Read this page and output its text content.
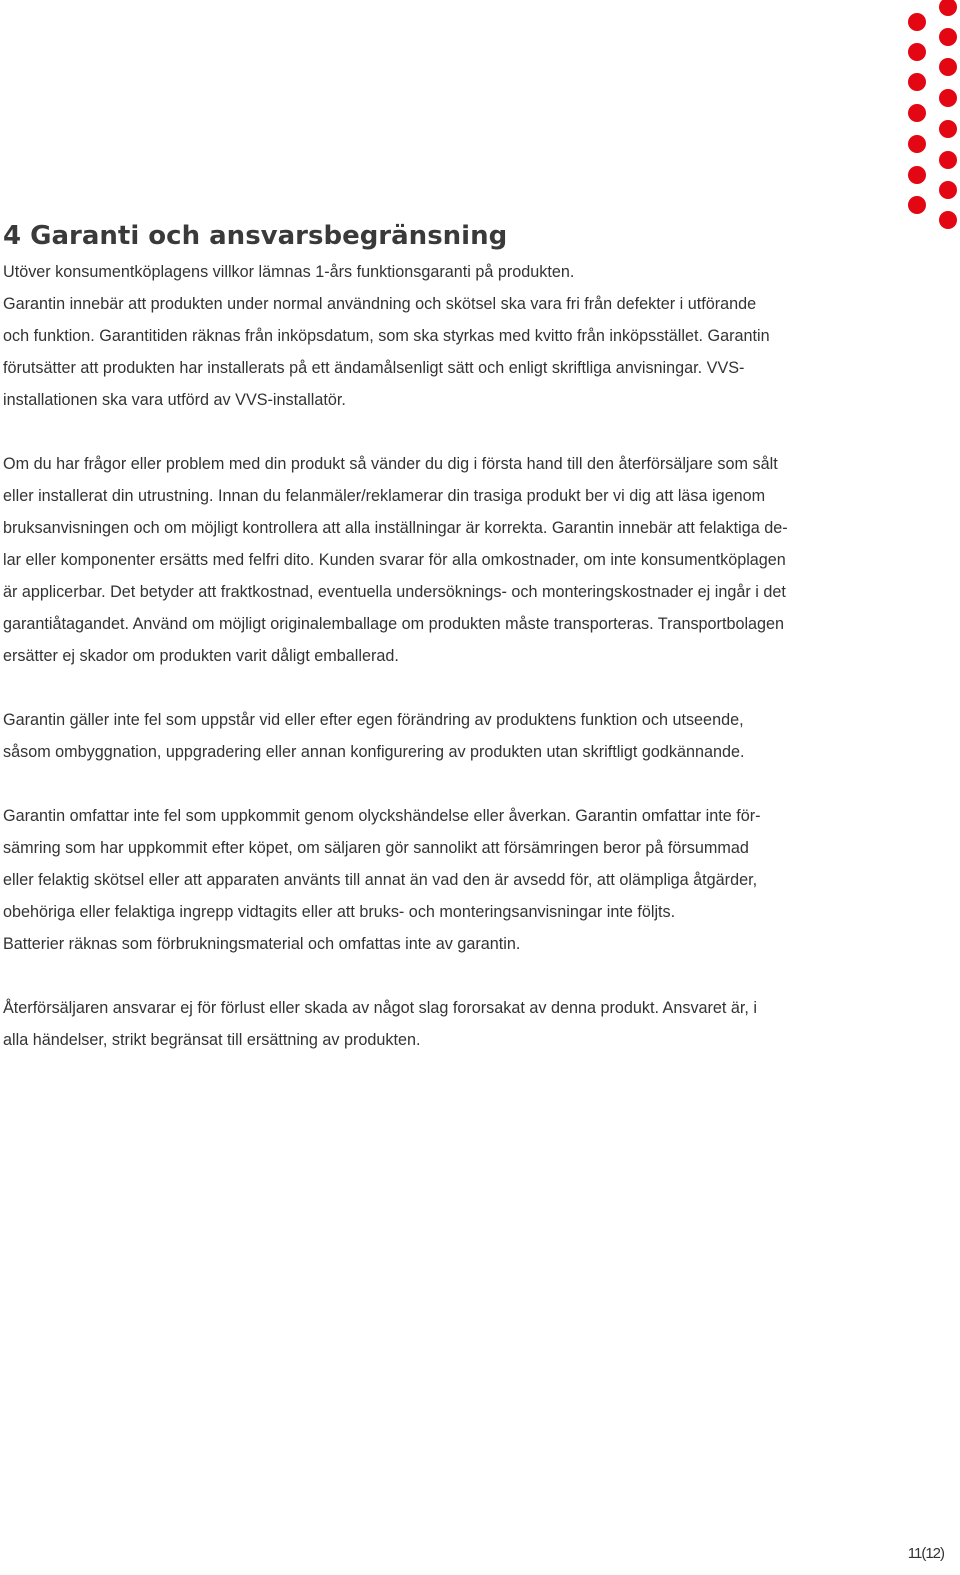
4 Garanti och ansvarsbegränsning

Utöver konsumentköplagens villkor lämnas 1-års funktionsgaranti på produkten.
Garantin innebär att produkten under normal användning och skötsel ska vara fri från defekter i utförande
och funktion. Garantitiden räknas från inköpsdatum, som ska styrkas med kvitto från inköpsstället. Garantin
förutsätter att produkten har installerats på ett ändamålsenligt sätt och enligt skriftliga anvisningar. VVS-
installationen ska vara utförd av VVS-installatör.

Om du har frågor eller problem med din produkt så vänder du dig i första hand till den återförsäljare som sålt
eller installerat din utrustning. Innan du felanmäler/reklamerar din trasiga produkt ber vi dig att läsa igenom
bruksanvisningen och om möjligt kontrollera att alla inställningar är korrekta. Garantin innebär att felaktiga de-
lar eller komponenter ersätts med felfri dito. Kunden svarar för alla omkostnader, om inte konsumentköplagen
är applicerbar. Det betyder att fraktkostnad, eventuella undersöknings- och monteringskostnader ej ingår i det
garantiåtagandet. Använd om möjligt originalemballage om produkten måste transporteras. Transportbolagen
ersätter ej skador om produkten varit dåligt emballerad.

Garantin gäller inte fel som uppstår vid eller efter egen förändring av produktens funktion och utseende,
såsom ombyggnation, uppgradering eller annan konfigurering av produkten utan skriftligt godkännande.

Garantin omfattar inte fel som uppkommit genom olyckshändelse eller åverkan. Garantin omfattar inte för-
sämring som har uppkommit efter köpet, om säljaren gör sannolikt att försämringen beror på försummad
eller felaktig skötsel eller att apparaten använts till annat än vad den är avsedd för, att olämpliga åtgärder,
obehöriga eller felaktiga ingrepp vidtagits eller att bruks- och monteringsanvisningar inte följts.
Batterier räknas som förbrukningsmaterial och omfattas inte av garantin.

Återförsäljaren ansvarar ej för förlust eller skada av något slag fororsakat av denna produkt. Ansvaret är, i
alla händelser, strikt begränsat till ersättning av produkten.

11(12)
